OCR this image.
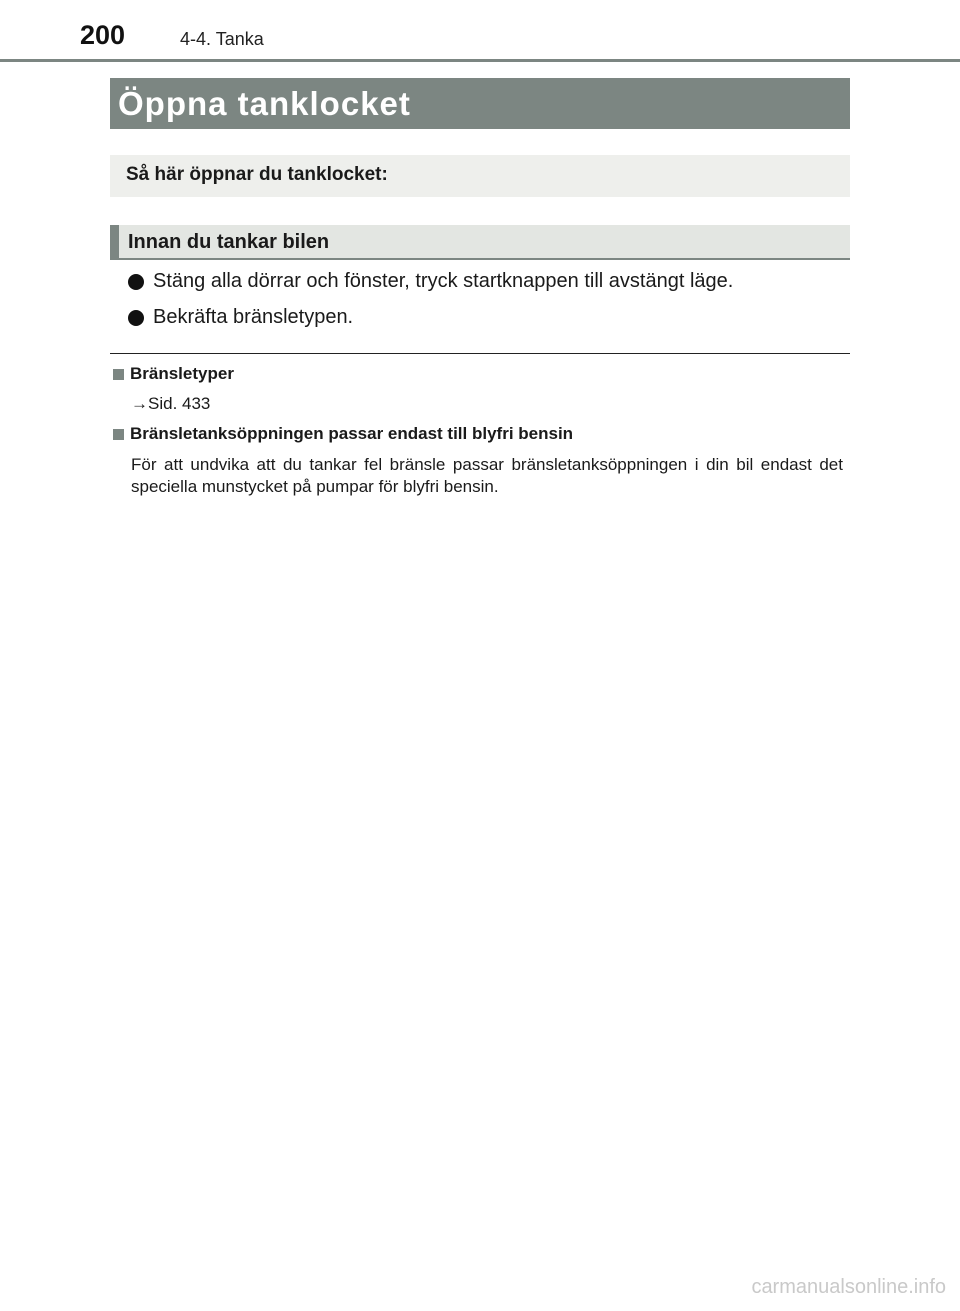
200	4-4. Tanka
Öppna tanklocket
Så här öppnar du tanklocket:
Innan du tankar bilen
Stäng alla dörrar och fönster, tryck startknappen till avstängt läge.
Bekräfta bränsletypen.
Bränsletyper
→Sid. 433
Bränsletanksöppningen passar endast till blyfri bensin
För att undvika att du tankar fel bränsle passar bränsletanksöppningen i din bil endast det speciella munstycket på pumpar för blyfri bensin.
carmanualsonline.info
